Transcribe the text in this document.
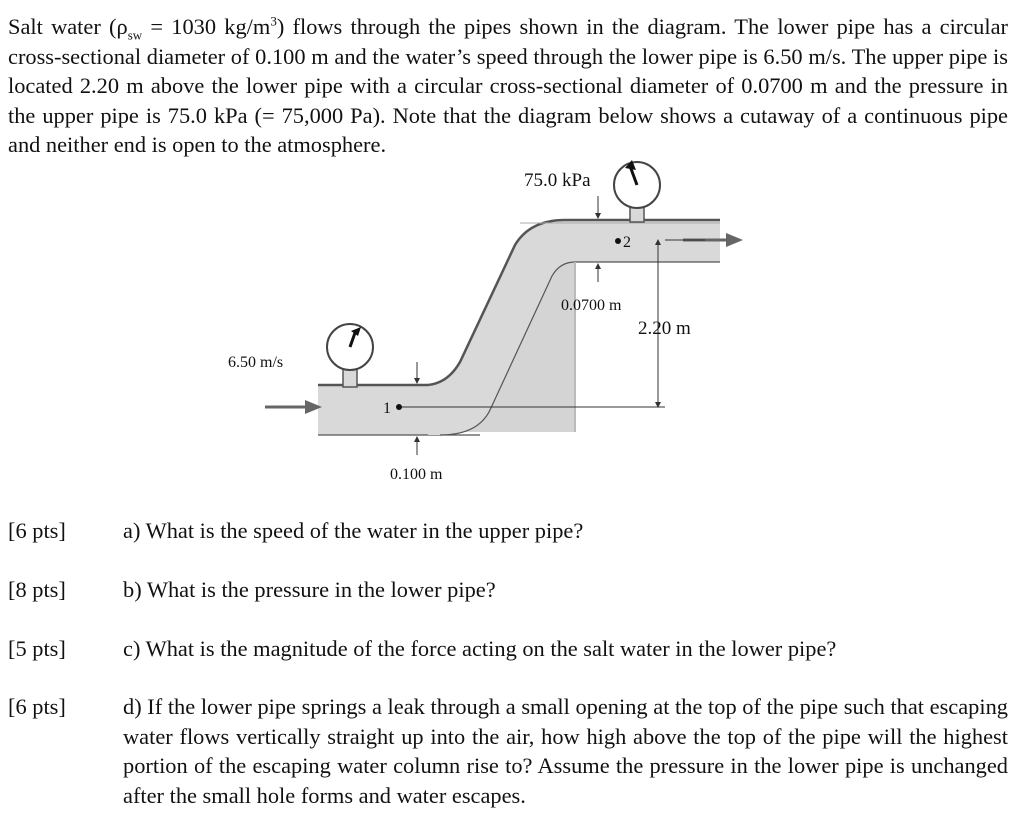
Salt water ($\rho_{sw} = 1030$ $kg/m^3$) flows through the pipes shown in the diagram. The lower pipe has a circular cross-sectional diameter of 0.100 m and the water’s speed through the lower pipe is 6.50 m/s. The upper pipe is located 2.20 m above the lower pipe with a circular cross-sectional diameter of 0.0700 m and the pressure in the upper pipe is 75.0 kPa (= 75,000 Pa). Note that the diagram below shows a cutaway of a continuous pipe and neither end is open to the atmosphere.
75.0 kPa
2
1
0.0700 m
2.20 m
6.50 m/s
0.100 m
[6 pts]	a) What is the speed of the water in the upper pipe?
[8 pts]	b) What is the pressure in the lower pipe?
[5 pts]	c) What is the magnitude of the force acting on the salt water in the lower pipe?
[6 pts]	d) If the lower pipe springs a leak through a small opening at the top of the pipe such that escaping water flows vertically straight up into the air, how high above the top of the pipe will the highest portion of the escaping water column rise to? Assume the pressure in the lower pipe is unchanged after the small hole forms and water escapes.
